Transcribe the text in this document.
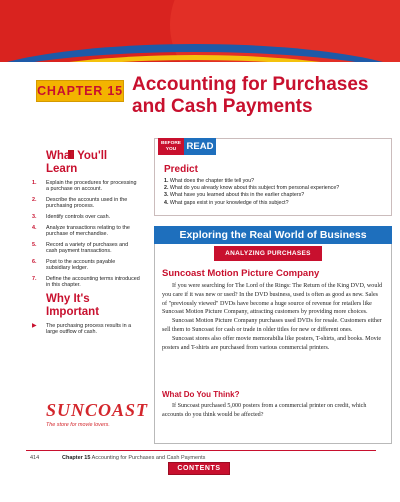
CHAPTER 15 Accounting for Purchases and Cash Payments
What You'll Learn
1.	Explain the procedures for processing a purchase on account.
2.	Describe the accounts used in the purchasing process.
3.	Identify controls over cash.
4.	Analyze transactions relating to the purchase of merchandise.
5.	Record a variety of purchases and cash payment transactions.
6.	Post to the accounts payable subsidiary ledger.
7.	Define the accounting terms introduced in this chapter.
Why It's Important
▶	The purchasing process results in a large outflow of cash.
SUNCOAST
The store for movie lovers.
BEFORE YOU	READ
Predict
1. What does the chapter title tell you?
2. What do you already know about this subject from personal experience?
3. What have you learned about this in the earlier chapters?
4. What gaps exist in your knowledge of this subject?
Exploring the Real World of Business
ANALYZING PURCHASES
Suncoast Motion Picture Company

If you were searching for The Lord of the Rings: The Return of the King DVD, would you care if it was new or used? In the DVD business, used is often as good as new. Sales of "previously viewed" DVDs have become a huge source of revenue for retailers like Suncoast Motion Picture Company, attracting customers by providing more choices.

Suncoast Motion Picture Company purchases used DVDs for resale. Customers either sell them to Suncoast for cash or trade in older titles for new or different ones.

Suncoast stores also offer movie memorabilia like posters, T-shirts, and books. Movie posters and T-shirts are purchased from various commercial printers.

What Do You Think?
If Suncoast purchased 5,000 posters from a commercial printer on credit, which accounts do you think would be affected?
414	Chapter 15 Accounting for Purchases and Cash Payments
CONTENTS
